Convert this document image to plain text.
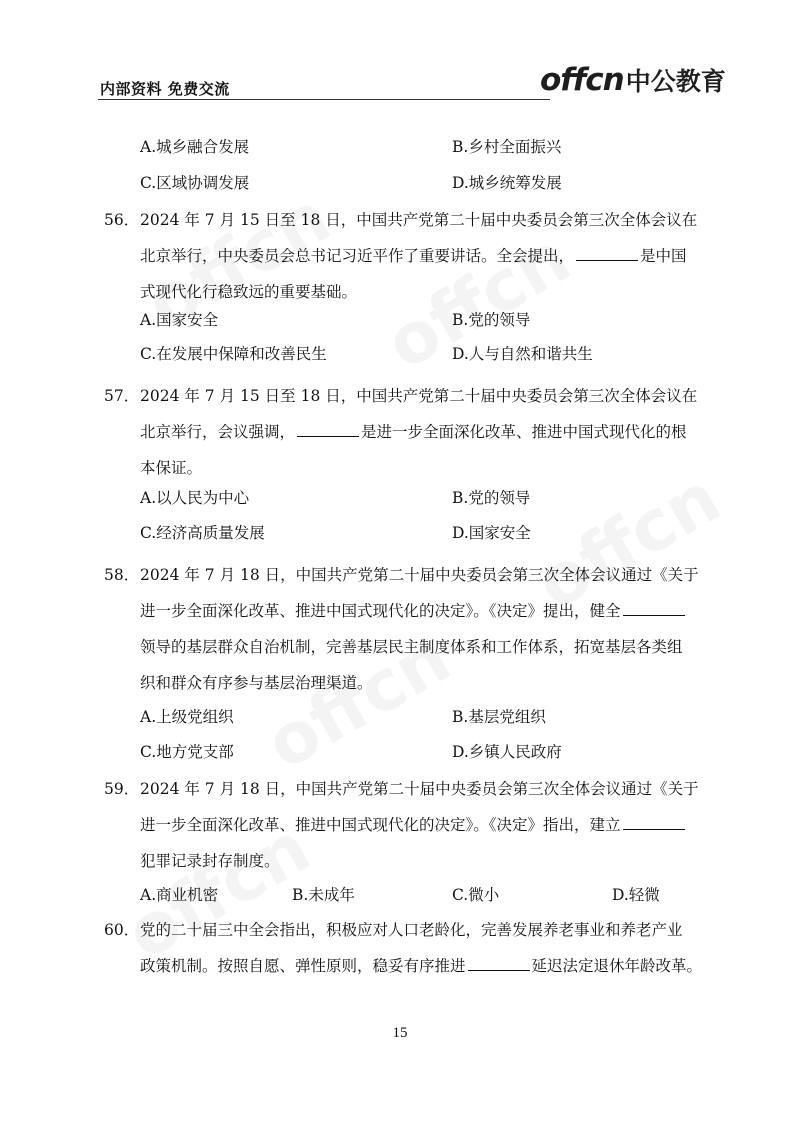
内部资料 免费交流	offcn 中公教育
A.城乡融合发展	B.乡村全面振兴
C.区域协调发展	D.城乡统筹发展
56． 2024 年 7 月 15 日至 18 日，中国共产党第二十届中央委员会第三次全体会议在
北京举行，中央委员会总书记习近平作了重要讲话。全会提出，	是中国
式现代化行稳致远的重要基础。
A.国家安全	B.党的领导
C.在发展中保障和改善民生	D.人与自然和谐共生
57． 2024 年 7 月 15 日至 18 日，中国共产党第二十届中央委员会第三次全体会议在
北京举行，会议强调，	是进一步全面深化改革、推进中国式现代化的根
本保证。
A.以人民为中心	B.党的领导
C.经济高质量发展	D.国家安全
58． 2024 年 7 月 18 日，中国共产党第二十届中央委员会第三次全体会议通过《关于
进一步全面深化改革、推进中国式现代化的决定》。《决定》提出，健全
领导的基层群众自治机制，完善基层民主制度体系和工作体系，拓宽基层各类组
织和群众有序参与基层治理渠道。
A.上级党组织	B.基层党组织
C.地方党支部	D.乡镇人民政府
59． 2024 年 7 月 18 日，中国共产党第二十届中央委员会第三次全体会议通过《关于
进一步全面深化改革、推进中国式现代化的决定》。《决定》指出，建立
犯罪记录封存制度。
A.商业机密	B.未成年	C.微小	D.轻微
60． 党的二十届三中全会指出，积极应对人口老龄化，完善发展养老事业和养老产业
政策机制。按照自愿、弹性原则，稳妥有序推进	延迟法定退休年龄改革。
15
